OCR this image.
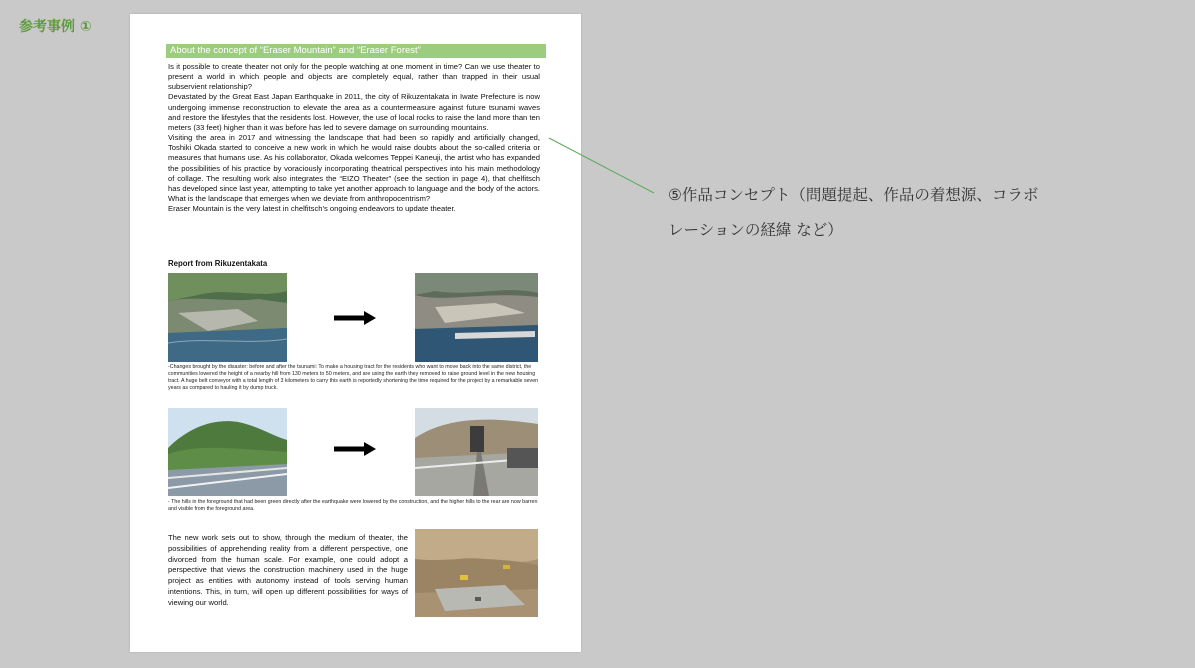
参考事例 ①
About the concept of “Eraser Mountain” and “Eraser Forest”

Is it possible to create theater not only for the people watching at one moment in time? Can we use theater to present a world in which people and objects are completely equal, rather than trapped in their usual subservient relationship?

Devastated by the Great East Japan Earthquake in 2011, the city of Rikuzentakata in Iwate Prefecture is now undergoing immense reconstruction to elevate the area as a countermeasure against future tsunami waves and restore the lifestyles that the residents lost. However, the use of local rocks to raise the land more than ten meters (33 feet) higher than it was before has led to severe damage on surrounding mountains.

Visiting the area in 2017 and witnessing the landscape that had been so rapidly and artificially changed, Toshiki Okada started to conceive a new work in which he would raise doubts about the so-called criteria or measures that humans use. As his collaborator, Okada welcomes Teppei Kaneuji, the artist who has expanded the possibilities of his practice by voraciously incorporating theatrical perspectives into his main methodology of collage. The resulting work also integrates the “EIZO Theater” (see the section in page 4), that chelfitsch has developed since last year, attempting to take yet another approach to language and the body of the actors. What is the landscape that emerges when we deviate from anthropocentrism?

Eraser Mountain is the very latest in chelfitsch’s ongoing endeavors to update theater.

Report from Rikuzentakata

-Changes brought by the disaster: before and after the tsunami: To make a housing tract for the residents who want to move back into the same district, the communities lowered the height of a nearby hill from 130 meters to 50 meters, and are using the earth they removed to raise ground level in the new housing tract. A huge belt conveyor with a total length of 3 kilometers to carry this earth is reportedly shortening the time required for the project by a remarkable seven years as compared to hauling it by dump truck.

- The hills in the foreground that had been green directly after the earthquake were lowered by the construction, and the higher hills to the rear are now barren and visible from the foreground area.

The new work sets out to show, through the medium of theater, the possibilities of apprehending reality from a different perspective, one divorced from the human scale. For example, one could adopt a perspective that views the construction machinery used in the huge project as entities with autonomy instead of tools serving human intentions. This, in turn, will open up different possibilities for ways of viewing our world.

⑤作品コンセプト（問題提起、作品の着想源、コラボ

レーションの経緯 など）
